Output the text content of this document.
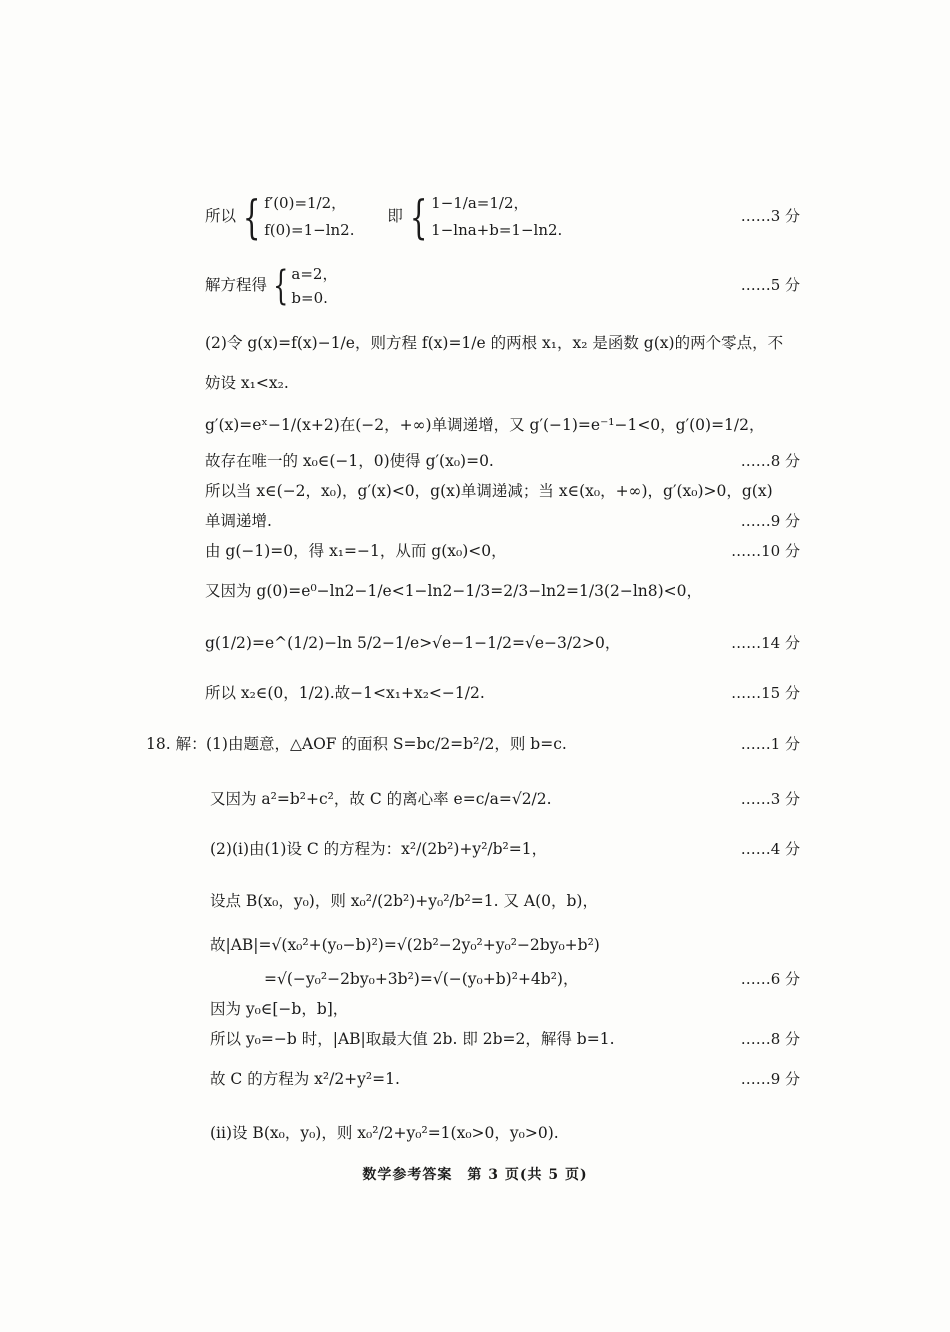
所以 { f′(0)=1/2，
f(0)=1−ln2.
即 { 1−1/a=1/2，
1−lna+b=1−ln2.
……3 分
解方程得 { a=2，
b=0.
……5 分
(2)令 g(x)=f(x)−1/e，则方程 f(x)=1/e 的两根 x₁，x₂ 是函数 g(x)的两个零点，不
妨设 x₁<x₂.
g′(x)=eˣ−1/(x+2)在(−2，+∞)单调递增，又 g′(−1)=e⁻¹−1<0，g′(0)=1/2，
故存在唯一的 x₀∈(−1，0)使得 g′(x₀)=0.	……8 分
所以当 x∈(−2，x₀)，g′(x)<0，g(x)单调递减；当 x∈(x₀，+∞)，g′(x₀)>0，g(x)
单调递增.	……9 分
由 g(−1)=0，得 x₁=−1，从而 g(x₀)<0，	……10 分
又因为 g(0)=e⁰−ln2−1/e<1−ln2−1/3=2/3−ln2=1/3(2−ln8)<0，
g(1/2)=e^(1/2)−ln 5/2−1/e>√e−1−1/2=√e−3/2>0，	……14 分
所以 x₂∈(0，1/2).故−1<x₁+x₂<−1/2.	……15 分
18. 解： (1)由题意，△AOF 的面积 S=bc/2=b²/2，则 b=c.	……1 分
又因为 a²=b²+c²，故 C 的离心率 e=c/a=√2/2.	……3 分
(2)(i)由(1)设 C 的方程为：x²/(2b²)+y²/b²=1，	……4 分
设点 B(x₀，y₀)，则 x₀²/(2b²)+y₀²/b²=1. 又 A(0，b)，
故|AB|=√(x₀²+(y₀−b)²)=√(2b²−2y₀²+y₀²−2by₀+b²)
=√(−y₀²−2by₀+3b²)=√(−(y₀+b)²+4b²)，	……6 分
因为 y₀∈[−b，b]，
所以 y₀=−b 时，|AB|取最大值 2b. 即 2b=2，解得 b=1.	……8 分
故 C 的方程为 x²/2+y²=1.	……9 分
(ii)设 B(x₀，y₀)，则 x₀²/2+y₀²=1(x₀>0，y₀>0).
数学参考答案　第 3 页(共 5 页)
